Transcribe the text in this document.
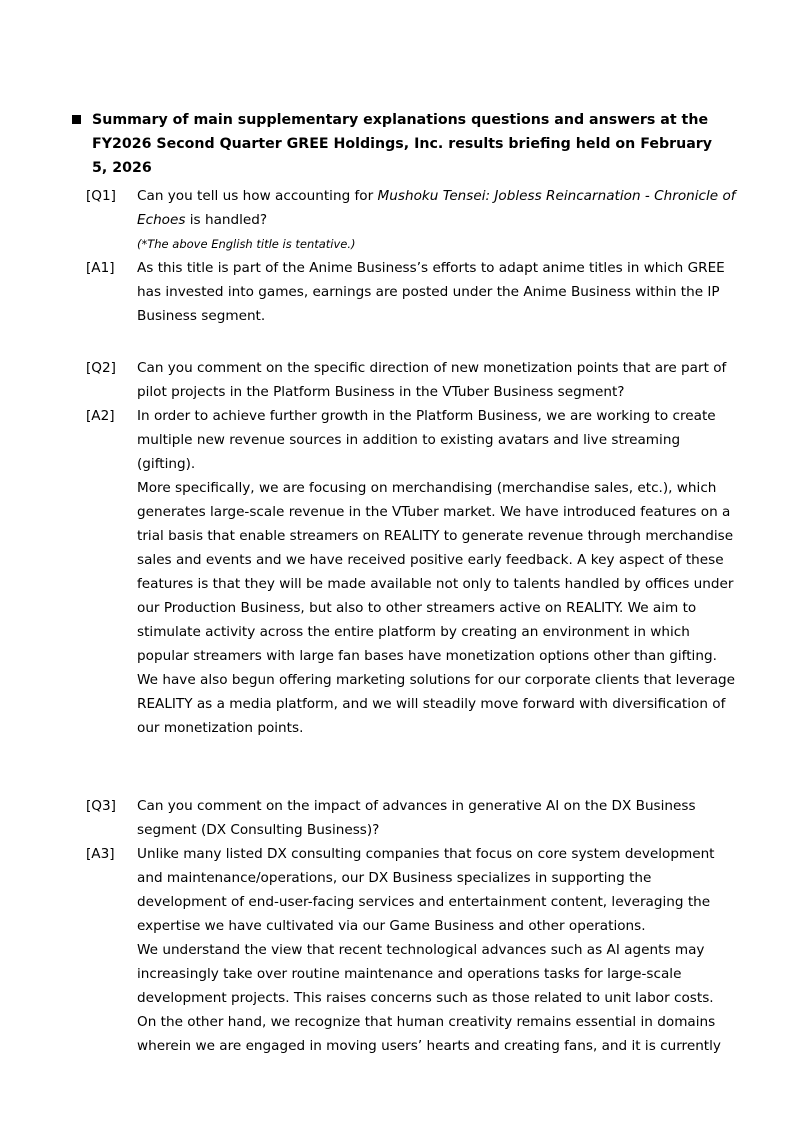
Summary of main supplementary explanations questions and answers at the FY2026 Second Quarter GREE Holdings, Inc. results briefing held on February 5, 2026
[Q1]	Can you tell us how accounting for Mushoku Tensei: Jobless Reincarnation - Chronicle of Echoes is handled?
(*The above English title is tentative.)
[A1]	As this title is part of the Anime Business’s efforts to adapt anime titles in which GREE has invested into games, earnings are posted under the Anime Business within the IP Business segment.
[Q2]	Can you comment on the specific direction of new monetization points that are part of pilot projects in the Platform Business in the VTuber Business segment?
[A2]	In order to achieve further growth in the Platform Business, we are working to create multiple new revenue sources in addition to existing avatars and live streaming (gifting).
More specifically, we are focusing on merchandising (merchandise sales, etc.), which generates large-scale revenue in the VTuber market. We have introduced features on a trial basis that enable streamers on REALITY to generate revenue through merchandise sales and events and we have received positive early feedback. A key aspect of these features is that they will be made available not only to talents handled by offices under our Production Business, but also to other streamers active on REALITY. We aim to stimulate activity across the entire platform by creating an environment in which popular streamers with large fan bases have monetization options other than gifting.
We have also begun offering marketing solutions for our corporate clients that leverage REALITY as a media platform, and we will steadily move forward with diversification of our monetization points.
[Q3]	Can you comment on the impact of advances in generative AI on the DX Business segment (DX Consulting Business)?
[A3]	Unlike many listed DX consulting companies that focus on core system development and maintenance/operations, our DX Business specializes in supporting the development of end-user-facing services and entertainment content, leveraging the expertise we have cultivated via our Game Business and other operations.
We understand the view that recent technological advances such as AI agents may increasingly take over routine maintenance and operations tasks for large-scale development projects. This raises concerns such as those related to unit labor costs. On the other hand, we recognize that human creativity remains essential in domains wherein we are engaged in moving users’ hearts and creating fans, and it is currently
